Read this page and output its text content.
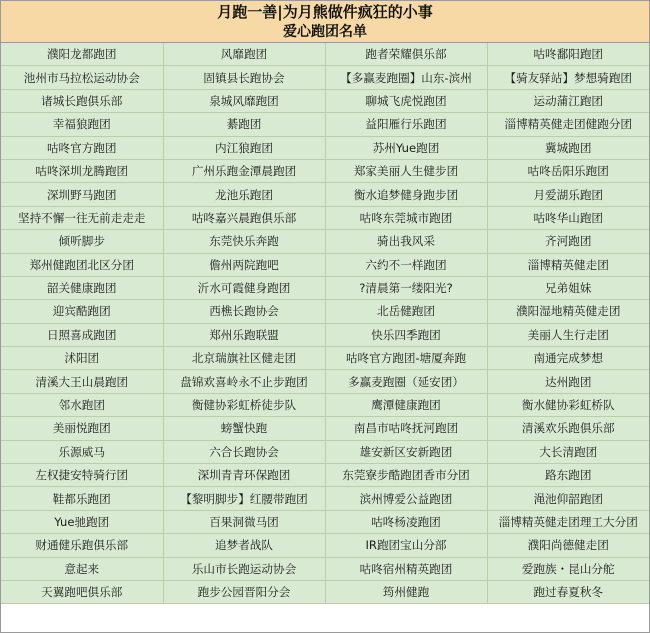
月跑一善|为月熊做件疯狂的小事
爱心跑团名单
濮阳龙都跑团	风靡跑团	跑者荣耀俱乐部	咕咚鄱阳跑团
池州市马拉松运动协会	固镇县长跑协会	【多赢麦跑圈】山东-滨州	【骑友驿站】梦想骑跑团
诸城长跑俱乐部	泉城风靡跑团	聊城飞虎悦跑团	运动蒲江跑团
幸福狼跑团	綦跑团	益阳雁行乐跑团	淄博精英健走团健跑分团
咕咚官方跑团	内江狼跑团	苏州Yue跑团	冀城跑团
咕咚深圳龙腾跑团	广州乐跑金潭晨跑团	郑家美丽人生健步团	咕咚岳阳乐跑团
深圳野马跑团	龙池乐跑团	衡水追梦健身跑步团	月爱湖乐跑团
坚持不懈一往无前走走走	咕咚嘉兴晨跑俱乐部	咕咚东莞城市跑团	咕咚华山跑团
倾听脚步	东莞快乐奔跑	骑出我风采	齐河跑团
郑州健跑团北区分团	儋州两院跑吧	六约不一样跑团	淄博精英健走团
韶关健康跑团	沂水可霞健身跑团	?清晨第一缕阳光?	兄弟姐妹
迎宾酷跑团	西樵长跑协会	北岳健跑团	濮阳湿地精英健走团
日照喜成跑团	郑州乐跑联盟	快乐四季跑团	美丽人生行走团
沭阳团	北京瑞旗社区健走团	咕咚官方跑团-塘厦奔跑	南通完成梦想
清溪大王山晨跑团	盘锦欢喜岭永不止步跑团	多赢麦跑圈（延安团）	达州跑团
邻水跑团	衡健协彩虹桥徒步队	鹰潭健康跑团	衡水健协彩虹桥队
美丽悦跑团	螃蟹快跑	南昌市咕咚抚河跑团	清溪欢乐跑俱乐部
乐源威马	六合长跑协会	雄安新区安新跑团	大长清跑团
左权捷安特骑行团	深圳青青环保跑团	东莞寮步酷跑团香市分团	路东跑团
鞋都乐跑团	【黎明脚步】红腰带跑团	滨州博爱公益跑团	渑池仰韶跑团
Yue驰跑团	百果洞微马团	咕咚杨凌跑团	淄博精英健走团理工大分团
财通健乐跑俱乐部	追梦者战队	IR跑团宝山分部	濮阳尚德健走团
意起来	乐山市长跑运动协会	咕咚宿州精英跑团	爱跑族・昆山分舵
天翼跑吧俱乐部	跑步公园晋阳分会	筠州健跑	跑过春夏秋冬
